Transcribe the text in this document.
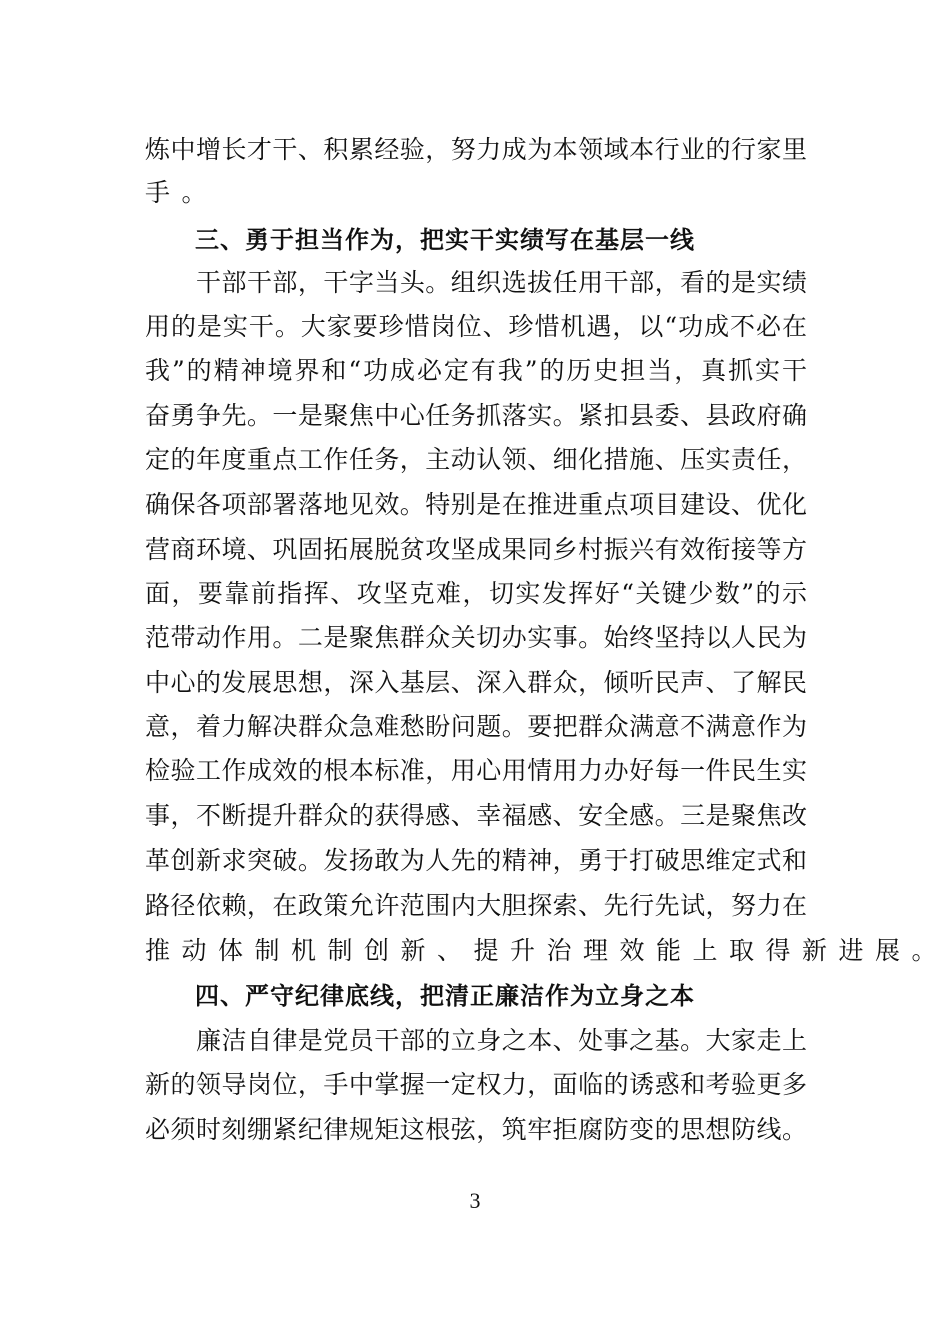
炼中增长才干、积累经验，努力成为本领域本行业的行家里
手。
三、勇于担当作为，把实干实绩写在基层一线
干部干部，干字当头。组织选拔任用干部，看的是实绩
用的是实干。大家要珍惜岗位、珍惜机遇，以“功成不必在
我”的精神境界和“功成必定有我”的历史担当，真抓实干
奋勇争先。一是聚焦中心任务抓落实。紧扣县委、县政府确
定的年度重点工作任务，主动认领、细化措施、压实责任，
确保各项部署落地见效。特别是在推进重点项目建设、优化
营商环境、巩固拓展脱贫攻坚成果同乡村振兴有效衔接等方
面，要靠前指挥、攻坚克难，切实发挥好“关键少数”的示
范带动作用。二是聚焦群众关切办实事。始终坚持以人民为
中心的发展思想，深入基层、深入群众，倾听民声、了解民
意，着力解决群众急难愁盼问题。要把群众满意不满意作为
检验工作成效的根本标准，用心用情用力办好每一件民生实
事，不断提升群众的获得感、幸福感、安全感。三是聚焦改
革创新求突破。发扬敢为人先的精神，勇于打破思维定式和
路径依赖，在政策允许范围内大胆探索、先行先试，努力在
推动体制机制创新、提升治理效能上取得新进展。
四、严守纪律底线，把清正廉洁作为立身之本
廉洁自律是党员干部的立身之本、处事之基。大家走上
新的领导岗位，手中掌握一定权力，面临的诱惑和考验更多
必须时刻绷紧纪律规矩这根弦，筑牢拒腐防变的思想防线。
3
